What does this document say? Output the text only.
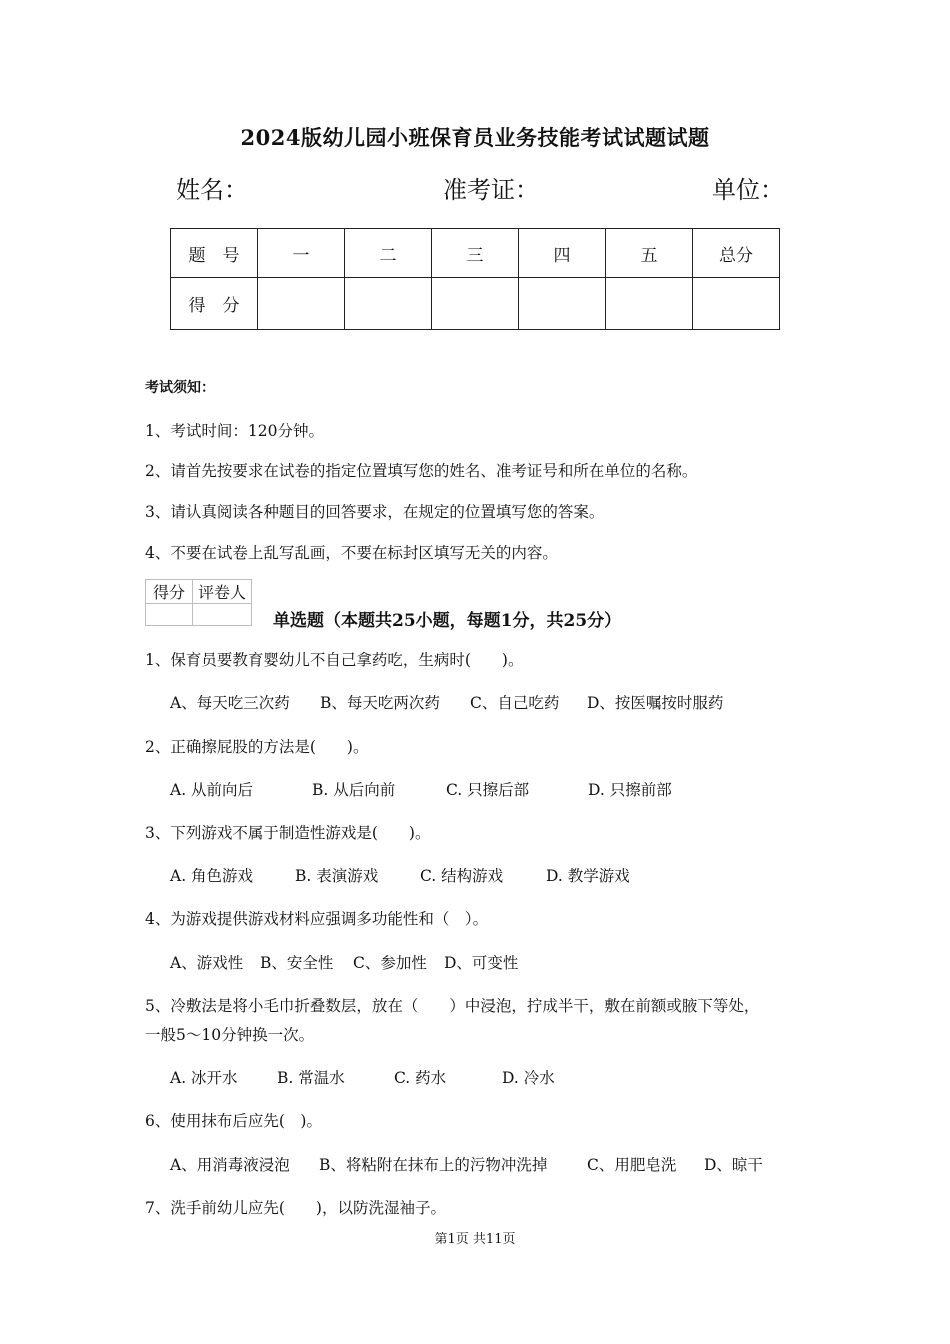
2024版幼儿园小班保育员业务技能考试试题试题
姓名：	准考证：	单位：
题　号	一	二	三	四	五	总分
得　分						
考试须知：
1、考试时间：120分钟。
2、请首先按要求在试卷的指定位置填写您的姓名、准考证号和所在单位的名称。
3、请认真阅读各种题目的回答要求，在规定的位置填写您的答案。
4、不要在试卷上乱写乱画，不要在标封区填写无关的内容。
得分	评卷人

单选题（本题共25小题，每题1分，共25分）
1、保育员要教育婴幼儿不自己拿药吃，生病时(　　)。
A、每天吃三次药 B、每天吃两次药 C、自己吃药 D、按医嘱按时服药
2、正确擦屁股的方法是(　　)。
A. 从前向后	B. 从后向前	C. 只擦后部	D. 只擦前部
3、下列游戏不属于制造性游戏是(　　)。
A. 角色游戏	B. 表演游戏	C. 结构游戏	D. 教学游戏
4、为游戏提供游戏材料应强调多功能性和（　）。
A、游戏性 B、安全性 C、参加性 D、可变性
5、冷敷法是将小毛巾折叠数层，放在（　　）中浸泡，拧成半干，敷在前额或腋下等处，
一般5～10分钟换一次。
A. 冰开水	B. 常温水	C. 药水	D. 冷水
6、使用抹布后应先(　)。
A、用消毒液浸泡 B、将粘附在抹布上的污物冲洗掉	C、用肥皂洗 D、晾干
7、洗手前幼儿应先(　　)，以防洗湿袖子。
第1页 共11页
